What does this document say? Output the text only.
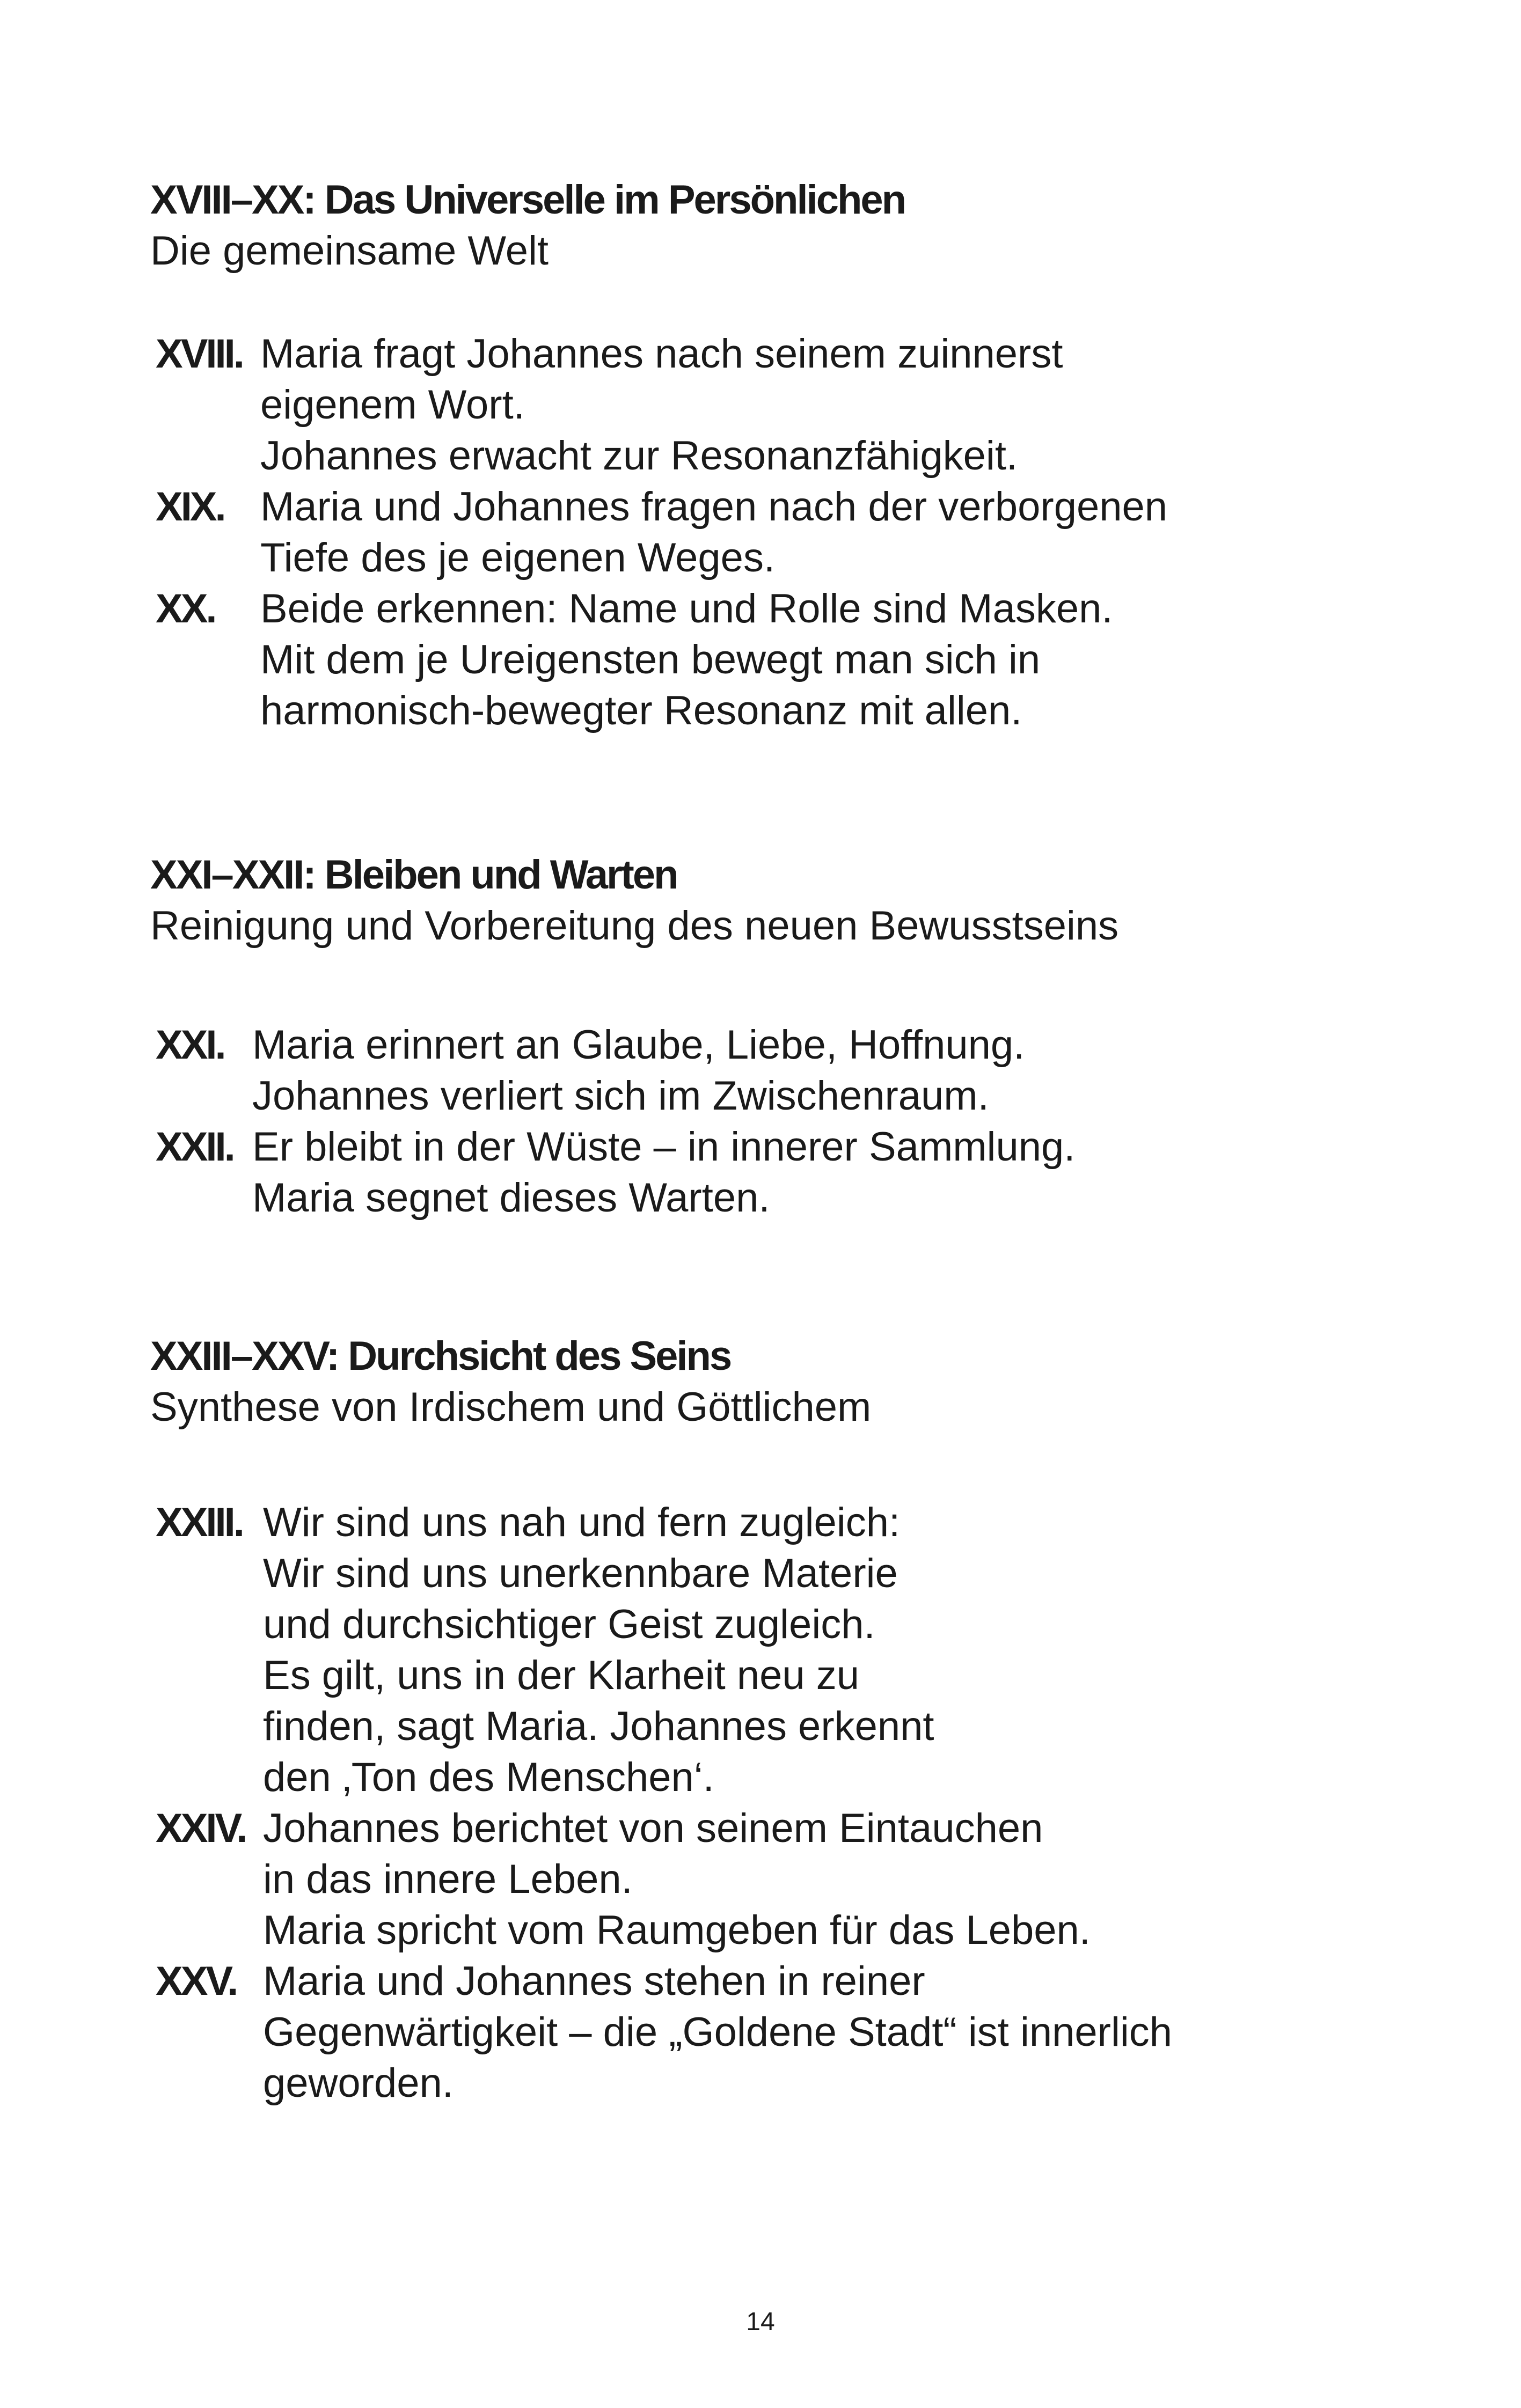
XVIII–XX: Das Universelle im Persönlichen

Die gemeinsame Welt

XVIII. Maria fragt Johannes nach seinem zuinnerst
eigenem Wort.
Johannes erwacht zur Resonanzfähigkeit.
XIX. Maria und Johannes fragen nach der verborgenen
Tiefe des je eigenen Weges.
XX. Beide erkennen: Name und Rolle sind Masken.
Mit dem je Ureigensten bewegt man sich in
harmonisch-bewegter Resonanz mit allen.
XXI–XXII: Bleiben und Warten

Reinigung und Vorbereitung des neuen Bewusstseins

XXI. Maria erinnert an Glaube, Liebe, Hoffnung.
Johannes verliert sich im Zwischenraum.
XXII. Er bleibt in der Wüste – in innerer Sammlung.
Maria segnet dieses Warten.
XXIII–XXV: Durchsicht des Seins

Synthese von Irdischem und Göttlichem

XXIII. Wir sind uns nah und fern zugleich:
Wir sind uns unerkennbare Materie
und durchsichtiger Geist zugleich.
Es gilt, uns in der Klarheit neu zu
finden, sagt Maria. Johannes erkennt
den ‚Ton des Menschen‘.
XXIV. Johannes berichtet von seinem Eintauchen
in das innere Leben.
Maria spricht vom Raumgeben für das Leben.
XXV. Maria und Johannes stehen in reiner
Gegenwärtigkeit – die „Goldene Stadt“ ist innerlich
geworden.
14
